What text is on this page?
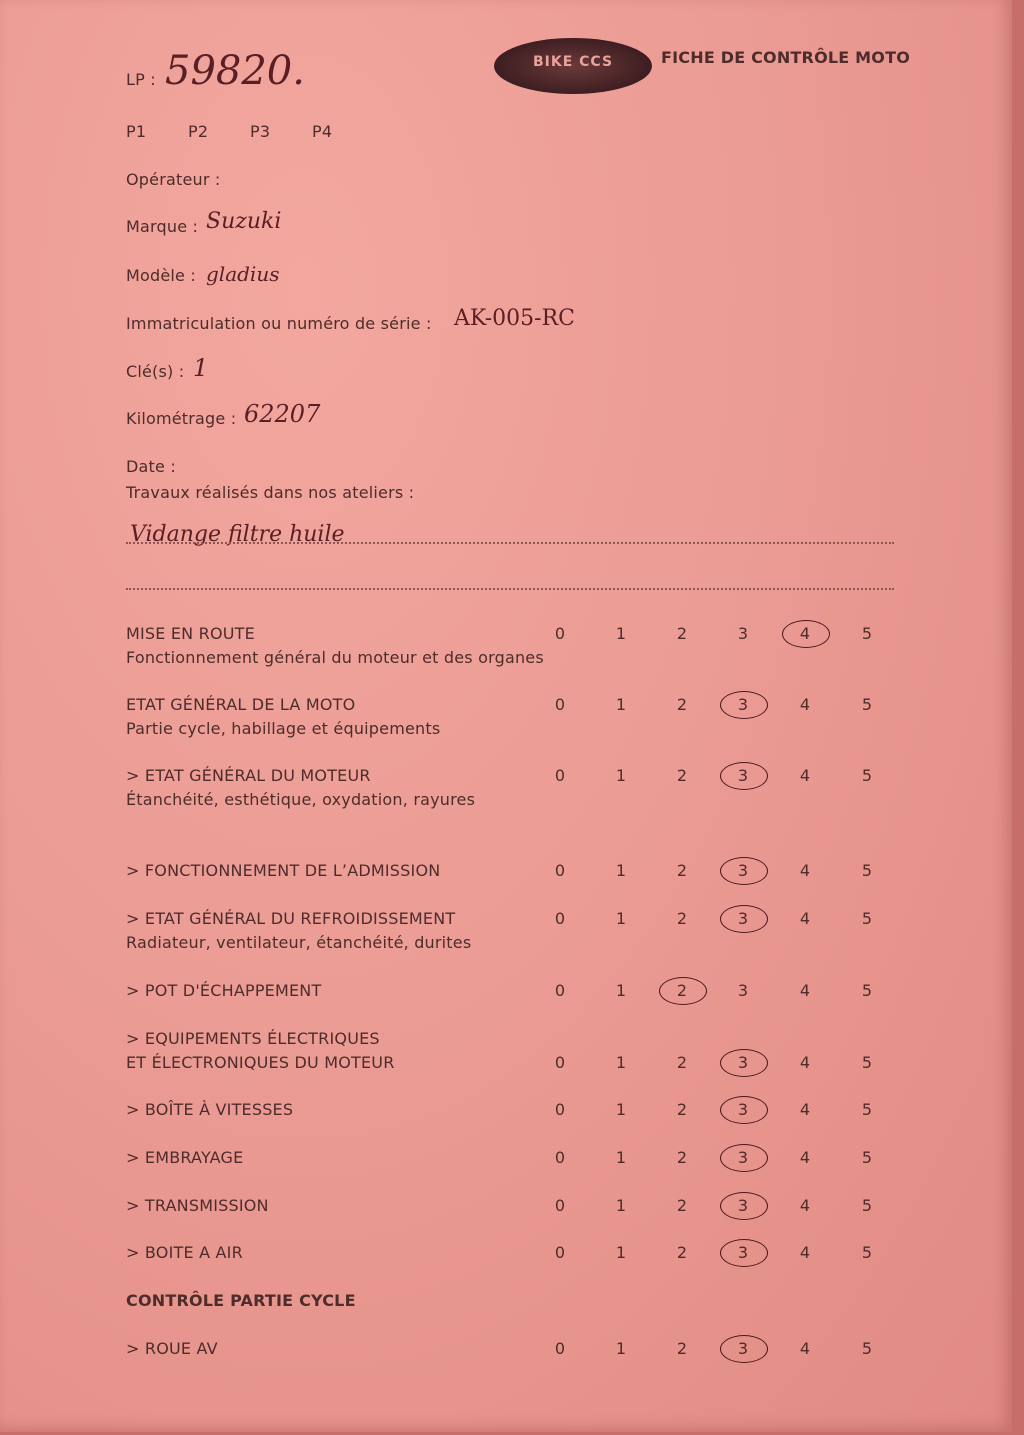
BIKE CCS	FICHE DE CONTRÔLE MOTO
LP : 59820.
P1	P2	P3	P4
Opérateur :
Marque : Suzuki
Modèle : gladius
Immatriculation ou numéro de série : AK-005-RC
Clé(s) : 1
Kilométrage : 62207
Date :
Travaux réalisés dans nos ateliers :
Vidange filtre huile
MISE EN ROUTE
Fonctionnement général du moteur et des organes
0	1	2	3	4	5
ETAT GÉNÉRAL DE LA MOTO
Partie cycle, habillage et équipements
0	1	2	3	4	5
> ETAT GÉNÉRAL DU MOTEUR
Étanchéité, esthétique, oxydation, rayures
0	1	2	3	4	5
> FONCTIONNEMENT DE L’ADMISSION	0	1	2	3	4	5
> ETAT GÉNÉRAL DU REFROIDISSEMENT
Radiateur, ventilateur, étanchéité, durites
0	1	2	3	4	5
> POT D'ÉCHAPPEMENT	0	1	2	3	4	5
> EQUIPEMENTS ÉLECTRIQUES
ET ÉLECTRONIQUES DU MOTEUR	0	1	2	3	4	5
> BOÎTE À VITESSES	0	1	2	3	4	5
> EMBRAYAGE	0	1	2	3	4	5
> TRANSMISSION	0	1	2	3	4	5
> BOITE A AIR	0	1	2	3	4	5
CONTRÔLE PARTIE CYCLE
> ROUE AV	0	1	2	3	4	5
